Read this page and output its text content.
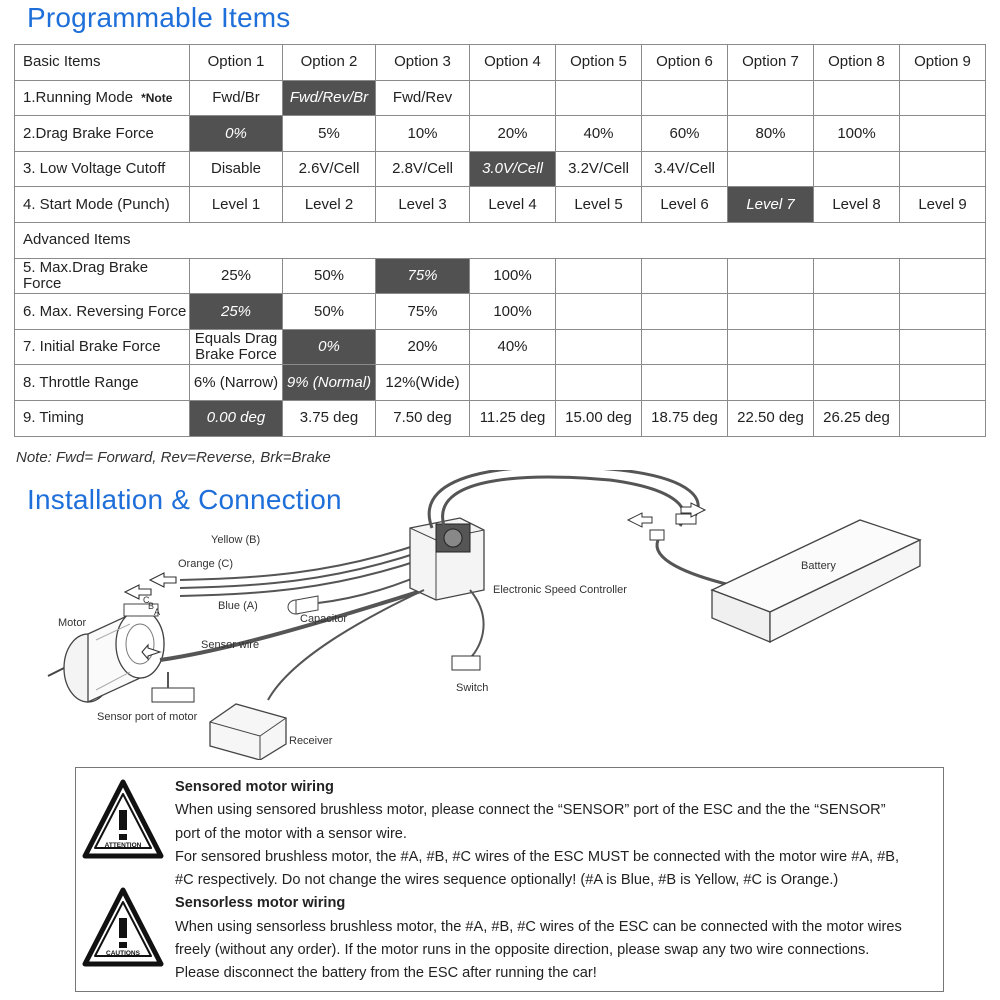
Programmable Items
Basic Items	Option 1	Option 2	Option 3	Option 4	Option 5	Option 6	Option 7	Option 8	Option 9
1.Running Mode *Note	Fwd/Br	Fwd/Rev/Br	Fwd/Rev						
2.Drag Brake Force	0%	5%	10%	20%	40%	60%	80%	100%	
3. Low Voltage Cutoff	Disable	2.6V/Cell	2.8V/Cell	3.0V/Cell	3.2V/Cell	3.4V/Cell			
4. Start Mode (Punch)	Level 1	Level 2	Level 3	Level 4	Level 5	Level 6	Level 7	Level 8	Level 9
Advanced Items									
5. Max.Drag Brake Force	25%	50%	75%	100%					
6. Max. Reversing Force	25%	50%	75%	100%					
7. Initial Brake Force	Equals Drag Brake Force	0%	20%	40%					
8. Throttle Range	6% (Narrow)	9% (Normal)	12%(Wide)						
9. Timing	0.00 deg	3.75 deg	7.50 deg	11.25 deg	15.00 deg	18.75 deg	22.50 deg	26.25 deg	
Note: Fwd= Forward, Rev=Reverse, Brk=Brake
Installation & Connection
Yellow (B)
Orange (C)
Blue (A)
Motor	Capacitor
Electronic Speed Controller
Battery
Sensor wire
Switch
Sensor port of motor
Receiver
C
B
A
ATTENTION
CAUTIONS
Sensored motor wiring
When using sensored brushless motor, please connect the “SENSOR” port of the ESC and the the “SENSOR”
port of the motor with a sensor wire.
For sensored brushless motor, the #A, #B, #C wires of the ESC MUST be connected with the motor wire #A, #B,
#C respectively. Do not change the wires sequence optionally! (#A is Blue, #B is Yellow, #C is Orange.)
Sensorless motor wiring
When using sensorless brushless motor, the #A, #B, #C wires of the ESC can be connected with the motor wires
freely (without any order). If the motor runs in the opposite direction, please swap any two wire connections.
Please disconnect the battery from the ESC after running the car!
